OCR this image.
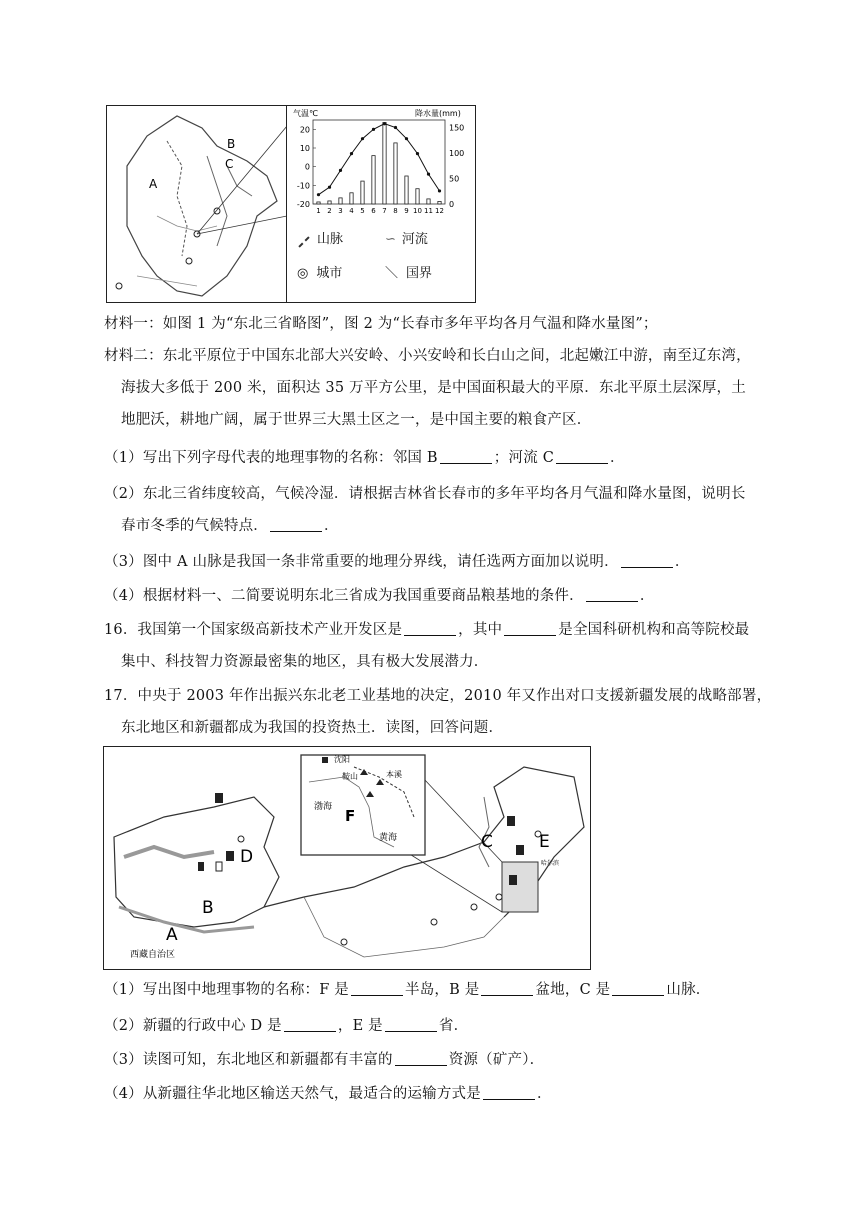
A
B
C
气温℃	降水量(mm)
20
10
0
-10
-20
150
100
50
0
1 2 3 4 5 6 7 8 9 10 11 12
山脉	∽ 河流
◎ 城市	＼ 国界
材料一：如图 1 为“东北三省略图”，图 2 为“长春市多年平均各月气温和降水量图”；
材料二：东北平原位于中国东北部大兴安岭、小兴安岭和长白山之间，北起嫩江中游，南至辽东湾，
海拔大多低于 200 米，面积达 35 万平方公里，是中国面积最大的平原．东北平原土层深厚，土
地肥沃，耕地广阔，属于世界三大黑土区之一，是中国主要的粮食产区．
（1）写出下列字母代表的地理事物的名称：邻国 B	；河流 C	．
（2）东北三省纬度较高，气候冷湿．请根据吉林省长春市的多年平均各月气温和降水量图，说明长
春市冬季的气候特点．	．
（3）图中 A 山脉是我国一条非常重要的地理分界线，请任选两方面加以说明．	．
（4）根据材料一、二简要说明东北三省成为我国重要商品粮基地的条件．	．
16．我国第一个国家级高新技术产业开发区是	，其中	是全国科研机构和高等院校最
集中、科技智力资源最密集的地区，具有极大发展潜力．
17．中央于 2003 年作出振兴东北老工业基地的决定，2010 年又作出对口支援新疆发展的战略部署，
东北地区和新疆都成为我国的投资热土．读图，回答问题．
沈阳
鞍山	本溪
渤海
黄海
F
D
B
A
C	E
哈尔滨
西藏自治区
（1）写出图中地理事物的名称：F 是	半岛，B 是	盆地，C 是	山脉．
（2）新疆的行政中心 D 是	，E 是	省．
（3）读图可知，东北地区和新疆都有丰富的	资源（矿产）．
（4）从新疆往华北地区输送天然气，最适合的运输方式是	．
